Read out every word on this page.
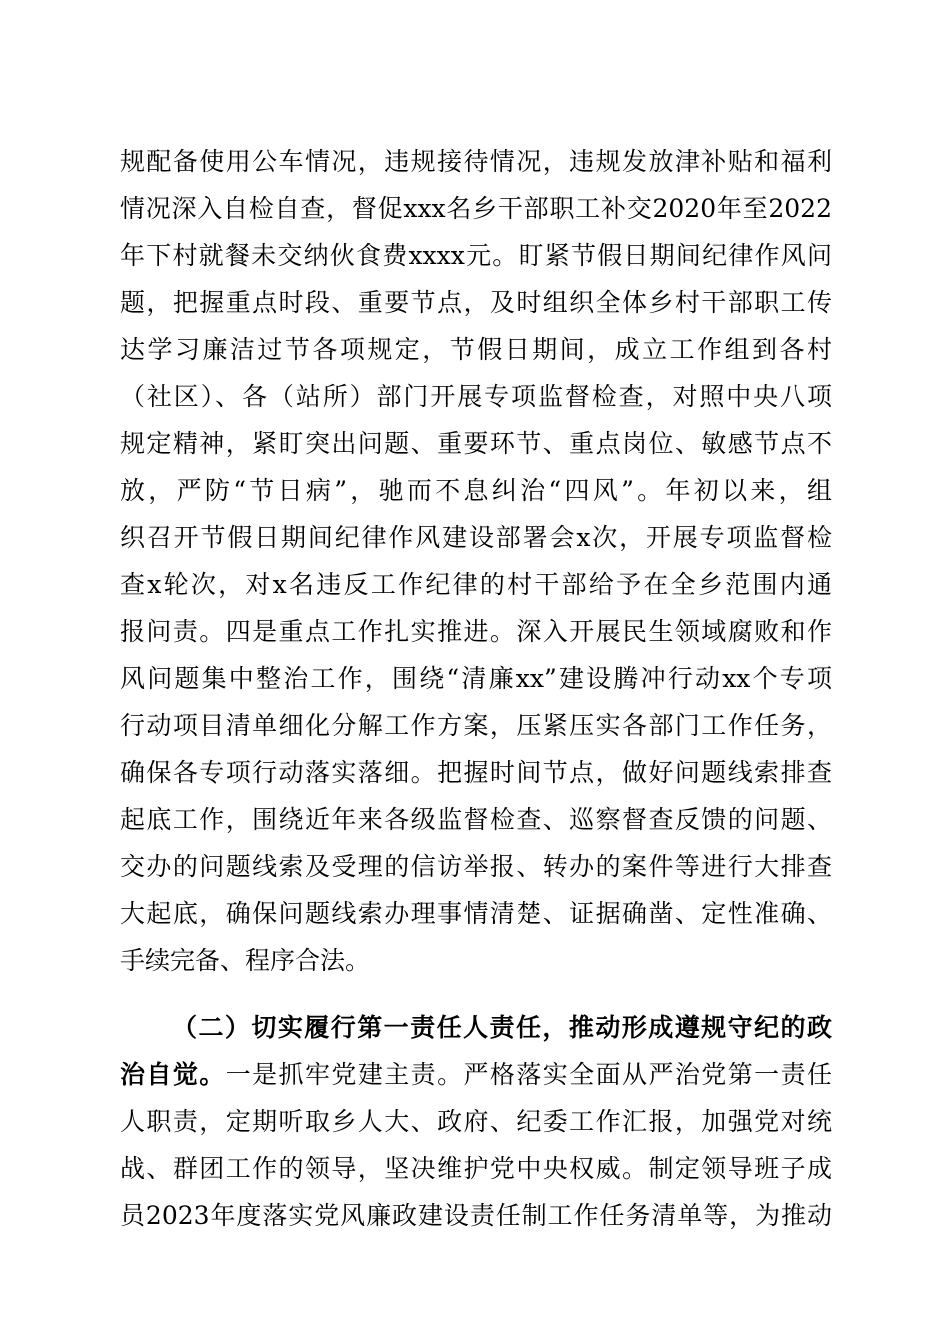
规配备使用公车情况，违规接待情况，违规发放津补贴和福利
情况深入自检自查，督促xxx名乡干部职工补交2020年至2022
年下村就餐未交纳伙食费xxxx元。盯紧节假日期间纪律作风问
题，把握重点时段、重要节点，及时组织全体乡村干部职工传
达学习廉洁过节各项规定，节假日期间，成立工作组到各村
（社区）、各（站所）部门开展专项监督检查，对照中央八项
规定精神，紧盯突出问题、重要环节、重点岗位、敏感节点不
放，严防“节日病”，驰而不息纠治“四风”。年初以来，组
织召开节假日期间纪律作风建设部署会x次，开展专项监督检
查x轮次，对x名违反工作纪律的村干部给予在全乡范围内通
报问责。四是重点工作扎实推进。深入开展民生领域腐败和作
风问题集中整治工作，围绕“清廉xx”建设腾冲行动xx个专项
行动项目清单细化分解工作方案，压紧压实各部门工作任务，
确保各专项行动落实落细。把握时间节点，做好问题线索排查
起底工作，围绕近年来各级监督检查、巡察督查反馈的问题、
交办的问题线索及受理的信访举报、转办的案件等进行大排查
大起底，确保问题线索办理事情清楚、证据确凿、定性准确、
手续完备、程序合法。
（二）切实履行第一责任人责任，推动形成遵规守纪的政
治自觉。一是抓牢党建主责。严格落实全面从严治党第一责任
人职责，定期听取乡人大、政府、纪委工作汇报，加强党对统
战、群团工作的领导，坚决维护党中央权威。制定领导班子成
员2023年度落实党风廉政建设责任制工作任务清单等，为推动
